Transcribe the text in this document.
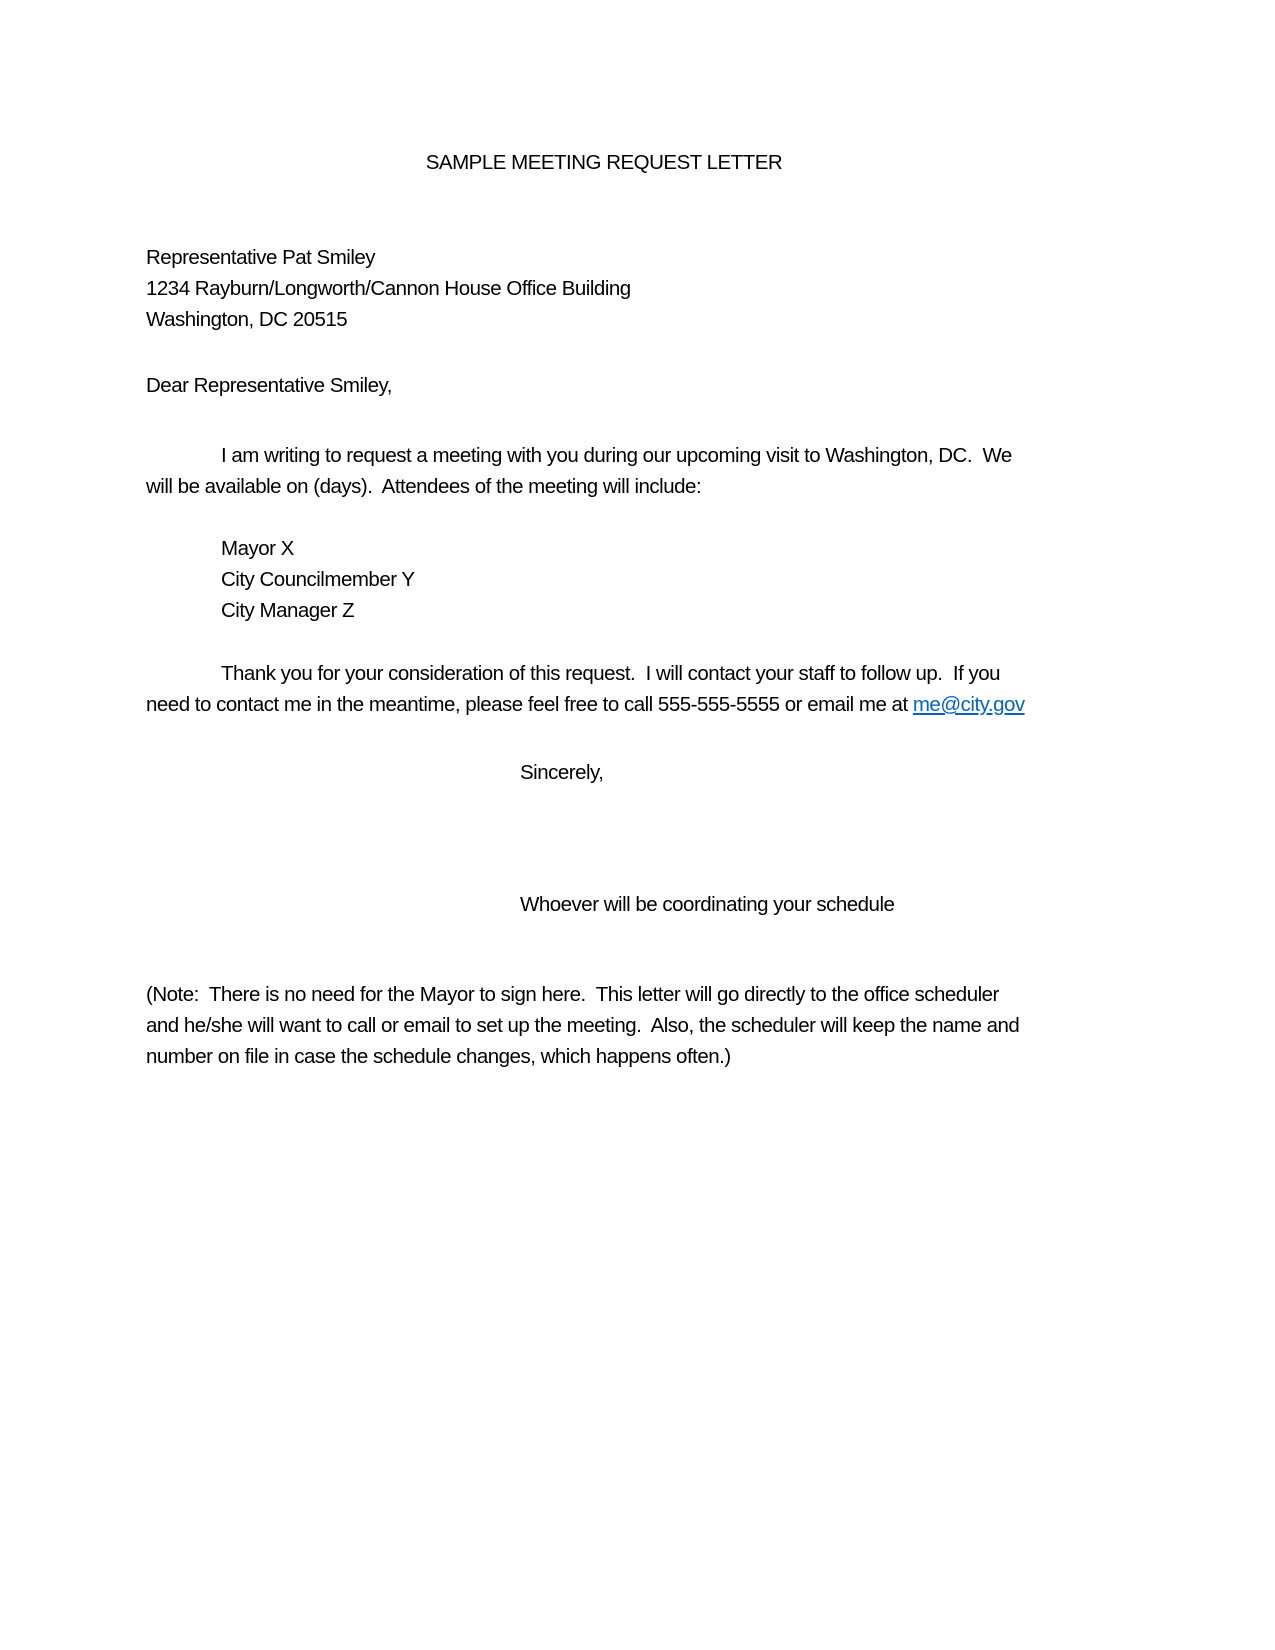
SAMPLE MEETING REQUEST LETTER
Representative Pat Smiley
1234 Rayburn/Longworth/Cannon House Office Building
Washington, DC 20515
Dear Representative Smiley,
I am writing to request a meeting with you during our upcoming visit to Washington, DC.  We
will be available on (days).  Attendees of the meeting will include:
Mayor X
City Councilmember Y
City Manager Z
Thank you for your consideration of this request.  I will contact your staff to follow up.  If you
need to contact me in the meantime, please feel free to call 555-555-5555 or email me at me@city.gov
Sincerely,
Whoever will be coordinating your schedule
(Note:  There is no need for the Mayor to sign here.  This letter will go directly to the office scheduler
and he/she will want to call or email to set up the meeting.  Also, the scheduler will keep the name and
number on file in case the schedule changes, which happens often.)
